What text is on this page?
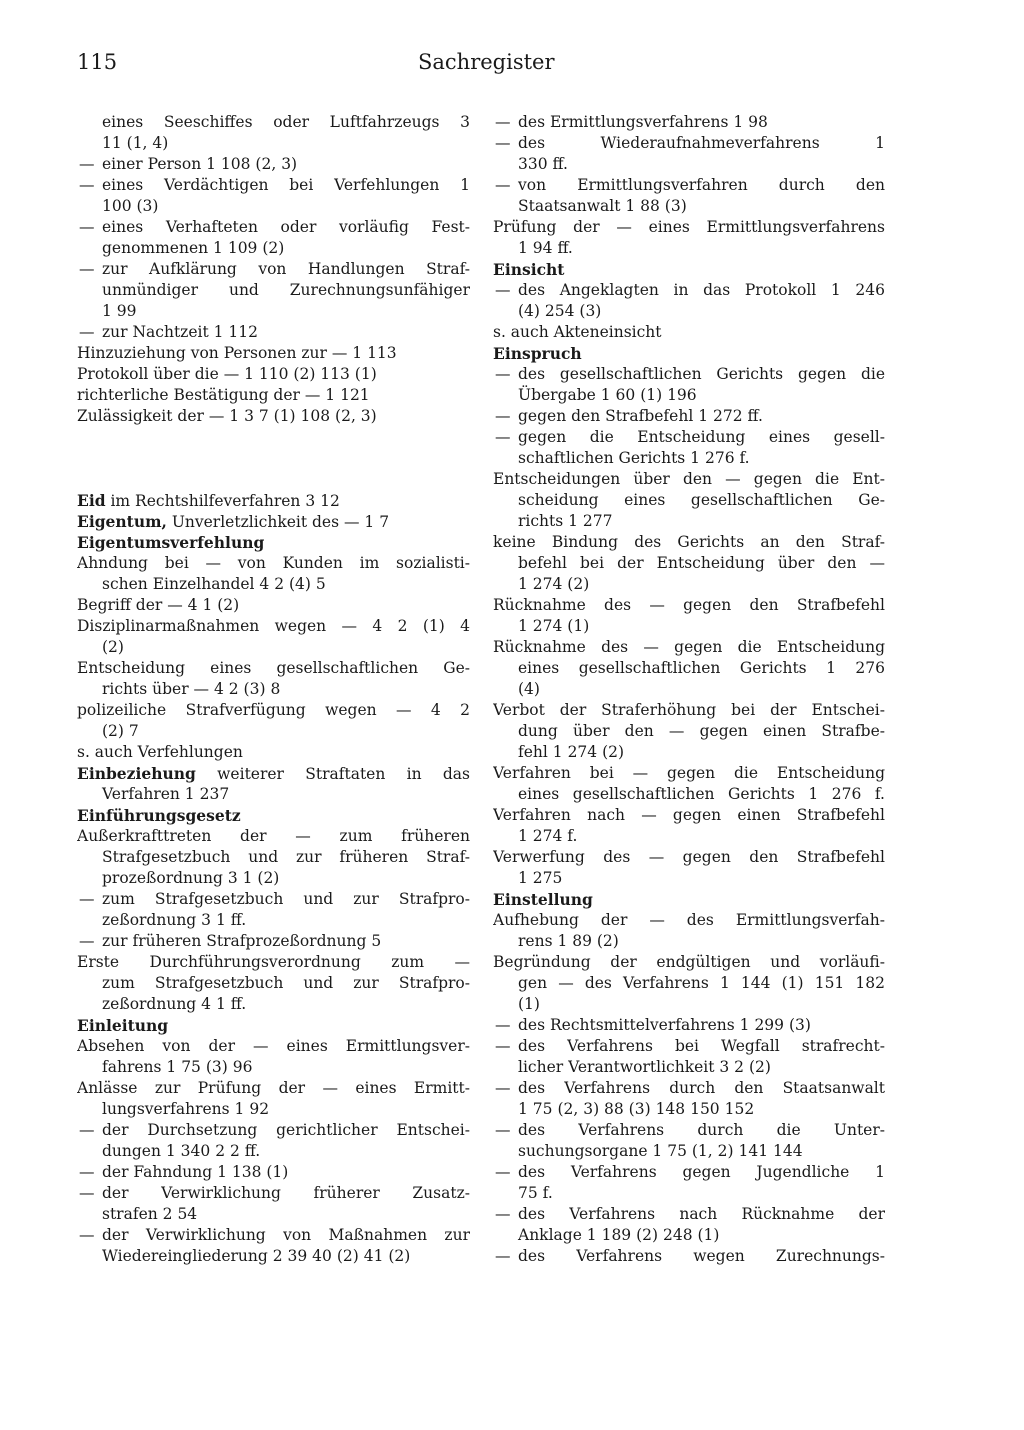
115	Sachregister
eines Seeschiffes oder Luftfahrzeugs 3
11 (1, 4)
— einer Person 1 108 (2, 3)
— eines Verdächtigen bei Verfehlungen 1
100 (3)
— eines Verhafteten oder vorläufig Fest-
genommenen 1 109 (2)
— zur Aufklärung von Handlungen Straf-
unmündiger und Zurechnungsunfähiger
1 99
— zur Nachtzeit 1 112
Hinzuziehung von Personen zur — 1 113
Protokoll über die — 1 110 (2) 113 (1)
richterliche Bestätigung der — 1 121
Zulässigkeit der — 1 3 7 (1) 108 (2, 3)
Eid im Rechtshilfeverfahren 3 12
Eigentum, Unverletzlichkeit des — 1 7
Eigentumsverfehlung
Ahndung bei — von Kunden im sozialisti-
schen Einzelhandel 4 2 (4) 5
Begriff der — 4 1 (2)
Disziplinarmaßnahmen wegen — 4 2 (1) 4
(2)
Entscheidung eines gesellschaftlichen Ge-
richts über — 4 2 (3) 8
polizeiliche Strafverfügung wegen — 4 2
(2) 7
s. auch Verfehlungen
Einbeziehung weiterer Straftaten in das
Verfahren 1 237
Einführungsgesetz
Außerkrafttreten der — zum früheren
Strafgesetzbuch und zur früheren Straf-
prozeßordnung 3 1 (2)
— zum Strafgesetzbuch und zur Strafpro-
zeßordnung 3 1 ff.
— zur früheren Strafprozeßordnung 5
Erste Durchführungsverordnung zum —
zum Strafgesetzbuch und zur Strafpro-
zeßordnung 4 1 ff.
Einleitung
Absehen von der — eines Ermittlungsver-
fahrens 1 75 (3) 96
Anlässe zur Prüfung der — eines Ermitt-
lungsverfahrens 1 92
— der Durchsetzung gerichtlicher Entschei-
dungen 1 340 2 2 ff.
— der Fahndung 1 138 (1)
— der Verwirklichung früherer Zusatz-
strafen 2 54
— der Verwirklichung von Maßnahmen zur
Wiedereingliederung 2 39 40 (2) 41 (2)
— des Ermittlungsverfahrens 1 98
— des Wiederaufnahmeverfahrens 1
330 ff.
— von Ermittlungsverfahren durch den
Staatsanwalt 1 88 (3)
Prüfung der — eines Ermittlungsverfahrens
1 94 ff.
Einsicht
— des Angeklagten in das Protokoll 1 246
(4) 254 (3)
s. auch Akteneinsicht
Einspruch
— des gesellschaftlichen Gerichts gegen die
Übergabe 1 60 (1) 196
— gegen den Strafbefehl 1 272 ff.
— gegen die Entscheidung eines gesell-
schaftlichen Gerichts 1 276 f.
Entscheidungen über den — gegen die Ent-
scheidung eines gesellschaftlichen Ge-
richts 1 277
keine Bindung des Gerichts an den Straf-
befehl bei der Entscheidung über den —
1 274 (2)
Rücknahme des — gegen den Strafbefehl
1 274 (1)
Rücknahme des — gegen die Entscheidung
eines gesellschaftlichen Gerichts 1 276
(4)
Verbot der Straferhöhung bei der Entschei-
dung über den — gegen einen Strafbe-
fehl 1 274 (2)
Verfahren bei — gegen die Entscheidung
eines gesellschaftlichen Gerichts 1 276 f.
Verfahren nach — gegen einen Strafbefehl
1 274 f.
Verwerfung des — gegen den Strafbefehl
1 275
Einstellung
Aufhebung der — des Ermittlungsverfah-
rens 1 89 (2)
Begründung der endgültigen und vorläufi-
gen — des Verfahrens 1 144 (1) 151 182
(1)
— des Rechtsmittelverfahrens 1 299 (3)
— des Verfahrens bei Wegfall strafrecht-
licher Verantwortlichkeit 3 2 (2)
— des Verfahrens durch den Staatsanwalt
1 75 (2, 3) 88 (3) 148 150 152
— des Verfahrens durch die Unter-
suchungsorgane 1 75 (1, 2) 141 144
— des Verfahrens gegen Jugendliche 1
75 f.
— des Verfahrens nach Rücknahme der
Anklage 1 189 (2) 248 (1)
— des Verfahrens wegen Zurechnungs-
